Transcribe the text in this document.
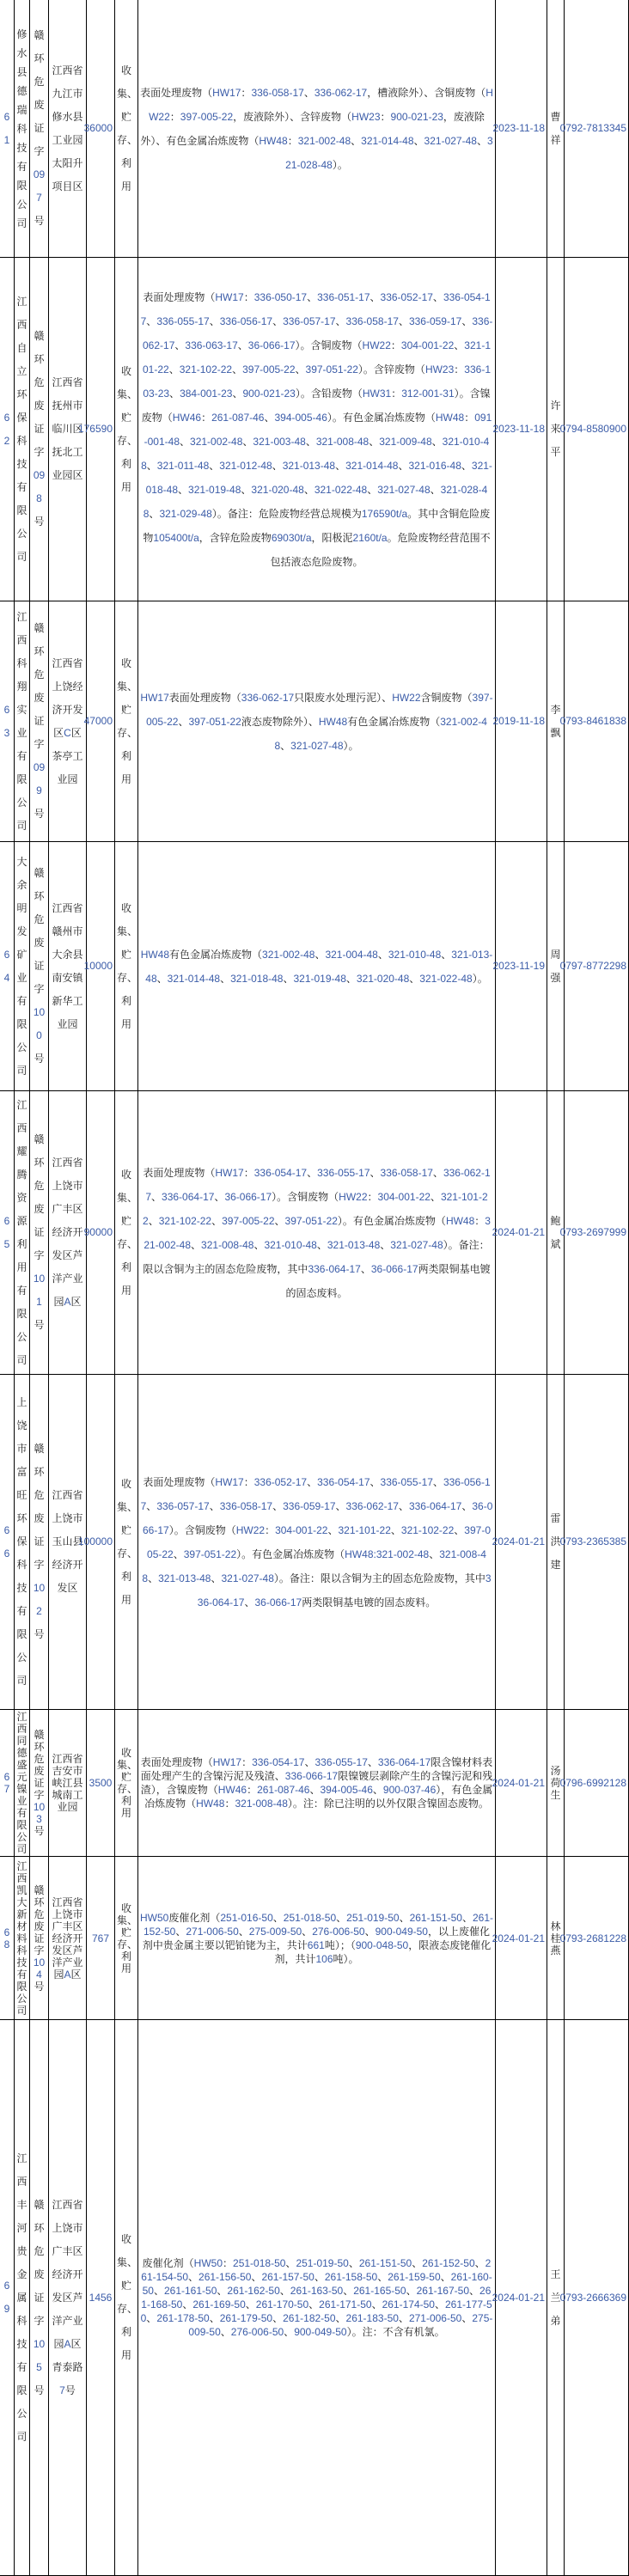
61	修水县德瑞科技有限公司	赣环危废证字097号	江西省九江市修水县工业园太阳升项目区	36000	收集、贮存、利用	表面处理废物（HW17：336-058-17、336-062-17，槽液除外）、含铜废物（HW22：397-005-22，废液除外）、含锌废物（HW23：900-021-23，废液除外）、有色金属冶炼废物（HW48：321-002-48、321-014-48、321-027-48、321-028-48）。	2023-11-18	曹祥	0792-7813345
62	江西自立环保科技有限公司	赣环危废证字098号	江西省抚州市临川区抚北工业园区	176590	收集、贮存、利用	表面处理废物（HW17：336-050-17、336-051-17、336-052-17、336-054-17、336-055-17、336-056-17、336-057-17、336-058-17、336-059-17、336-062-17、336-063-17、36-066-17）。含铜废物（HW22：304-001-22、321-101-22、321-102-22、397-005-22、397-051-22）。含锌废物（HW23：336-103-23、384-001-23、900-021-23）。含铅废物（HW31：312-001-31）。含镍废物（HW46：261-087-46、394-005-46）。有色金属冶炼废物（HW48：091-001-48、321-002-48、321-003-48、321-008-48、321-009-48、321-010-48、321-011-48、321-012-48、321-013-48、321-014-48、321-016-48、321-018-48、321-019-48、321-020-48、321-022-48、321-027-48、321-028-48、321-029-48）。备注：危险废物经营总规模为176590t/a。其中含铜危险废物105400t/a，含锌危险废物69030t/a，阳极泥2160t/a。危险废物经营范围不包括液态危险废物。	2023-11-18	许来平	0794-8580900
63	江西科翔实业有限公司	赣环危废证字099号	江西省上饶经济开发区C区茶亭工业园	47000	收集、贮存、利用	HW17表面处理废物（336-062-17只限废水处理污泥）、HW22含铜废物（397-005-22、397-051-22液态废物除外）、HW48有色金属冶炼废物（321-002-48、321-027-48）。	2019-11-18	李飘	0793-8461838
64	大余明发矿业有限公司	赣环危废证字100号	江西省赣州市大余县南安镇新华工业园	10000	收集、贮存、利用	HW48有色金属冶炼废物（321-002-48、321-004-48、321-010-48、321-013-48、321-014-48、321-018-48、321-019-48、321-020-48、321-022-48）。	2023-11-19	周强	0797-8772298
65	江西耀腾资源利用有限公司	赣环危废证字101号	江西省上饶市广丰区经济开发区芦洋产业园A区	90000	收集、贮存、利用	表面处理废物（HW17：336-054-17、336-055-17、336-058-17、336-062-17、336-064-17、36-066-17）。含铜废物（HW22：304-001-22、321-101-22、321-102-22、397-005-22、397-051-22）。有色金属冶炼废物（HW48：321-002-48、321-008-48、321-010-48、321-013-48、321-027-48）。备注：限以含铜为主的固态危险废物，其中336-064-17、36-066-17两类限铜基电镀的固态废料。	2024-01-21	鲍斌	0793-2697999
66	上饶市富旺环保科技有限公司	赣环危废证字102号	江西省上饶市玉山县经济开发区	100000	收集、贮存、利用	表面处理废物（HW17：336-052-17、336-054-17、336-055-17、336-056-17、336-057-17、336-058-17、336-059-17、336-062-17、336-064-17、36-066-17）。含铜废物（HW22：304-001-22、321-101-22、321-102-22、397-005-22、397-051-22）。有色金属冶炼废物（HW48:321-002-48、321-008-48、321-013-48、321-027-48）。备注：限以含铜为主的固态危险废物，其中336-064-17、36-066-17两类限铜基电镀的固态废料。	2024-01-21	雷洪建	0793-2365385
67	江西同德盛元镍业有限公司	赣环危废证字103号	江西省吉安市峡江县城南工业园	3500	收集、贮存、利用	表面处理废物（HW17：336-054-17、336-055-17、336-064-17限含镍材料表面处理产生的含镍污泥及残渣、336-066-17限镍镀层剥除产生的含镍污泥和残渣），含镍废物（HW46：261-087-46、394-005-46、900-037-46），有色金属冶炼废物（HW48：321-008-48）。注：除已注明的以外仅限含镍固态废物。	2024-01-21	汤荷生	0796-6992128
68	江西凯大新材料科技有限公司	赣环危废证字104号	江西省上饶市广丰区经济开发区芦洋产业园A区	767	收集、贮存、利用	HW50废催化剂（251-016-50、251-018-50、251-019-50、261-151-50、261-152-50、271-006-50、275-009-50、276-006-50、900-049-50，以上废催化剂中贵金属主要以钯铂铑为主，共计661吨）；（900-048-50，限液态废铑催化剂，共计106吨）。	2024-01-21	林桂燕	0793-2681228
69	江西丰河贵金属科技有限公司	赣环危废证字105号	江西省上饶市广丰区经济开发区芦洋产业园A区青泰路7号	1456	收集、贮存、利用	废催化剂（HW50：251-018-50、251-019-50、261-151-50、261-152-50、261-154-50、261-156-50、261-157-50、261-158-50、261-159-50、261-160-50、261-161-50、261-162-50、261-163-50、261-165-50、261-167-50、261-168-50、261-169-50、261-170-50、261-171-50、261-174-50、261-177-50、261-178-50、261-179-50、261-182-50、261-183-50、271-006-50、275-009-50、276-006-50、900-049-50）。注：不含有机氯。	2024-01-21	王兰弟	0793-2666369
